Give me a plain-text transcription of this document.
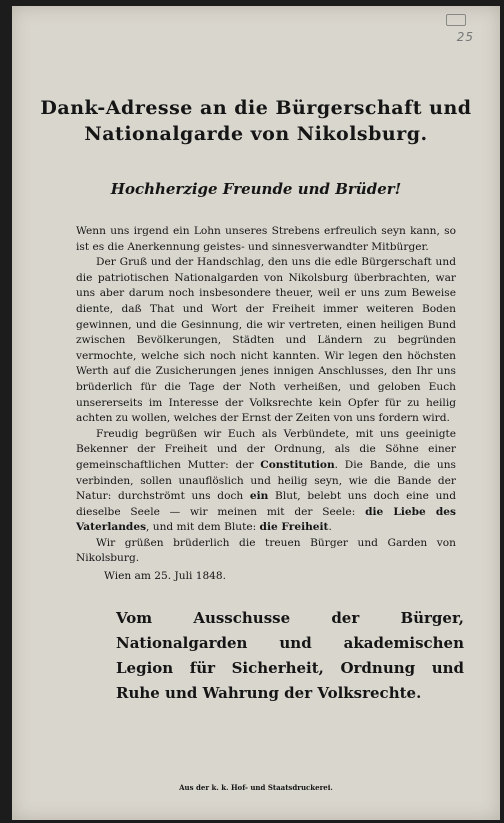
25
Dank-Adresse an die Bürgerschaft und
Nationalgarde von Nikolsburg.
Hochherzige Freunde und Brüder!

Wenn uns irgend ein Lohn unseres Strebens erfreulich seyn kann, so ist es die Anerkennung geistes- und sinnesverwandter Mitbürger.

Der Gruß und der Handschlag, den uns die edle Bürgerschaft und die patriotischen Nationalgarden von Nikolsburg überbrachten, war uns aber darum noch insbesondere theuer, weil er uns zum Beweise diente, daß That und Wort der Freiheit immer weiteren Boden gewinnen, und die Gesinnung, die wir vertreten, einen heiligen Bund zwischen Bevölkerungen, Städten und Ländern zu begründen vermochte, welche sich noch nicht kannten. Wir legen den höchsten Werth auf die Zusicherungen jenes innigen Anschlusses, den Ihr uns brüderlich für die Tage der Noth verheißen, und geloben Euch unsererseits im Interesse der Volksrechte kein Opfer für zu heilig achten zu wollen, welches der Ernst der Zeiten von uns fordern wird.

Freudig begrüßen wir Euch als Verbündete, mit uns geeinigte Bekenner der Freiheit und der Ordnung, als die Söhne einer gemeinschaftlichen Mutter: der Constitution. Die Bande, die uns verbinden, sollen unauflöslich und heilig seyn, wie die Bande der Natur: durchströmt uns doch ein Blut, belebt uns doch eine und dieselbe Seele — wir meinen mit der Seele: die Liebe des Vaterlandes, und mit dem Blute: die Freiheit.

Wir grüßen brüderlich die treuen Bürger und Garden von Nikolsburg.

Wien am 25. Juli 1848.

Vom Ausschusse der Bürger, Nationalgarden und akademischen Legion für Sicherheit, Ordnung und Ruhe und Wahrung der Volksrechte.
Aus der k. k. Hof- und Staatsdruckerei.
